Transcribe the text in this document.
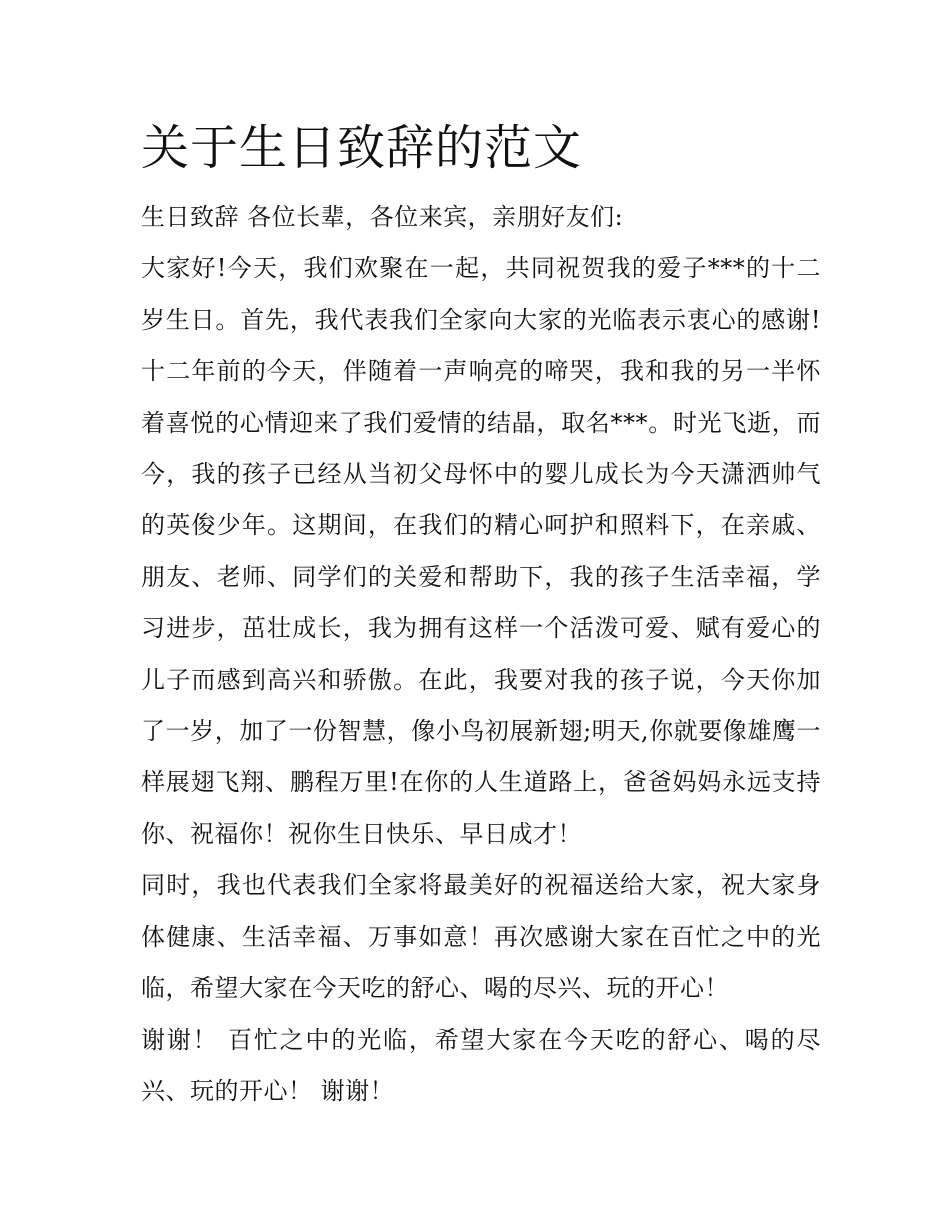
关于生日致辞的范文

生日致辞 各位长辈，各位来宾，亲朋好友们:

大家好!今天，我们欢聚在一起，共同祝贺我的爱子***的十二岁生日。首先，我代表我们全家向大家的光临表示衷心的感谢!十二年前的今天，伴随着一声响亮的啼哭，我和我的另一半怀着喜悦的心情迎来了我们爱情的结晶，取名***。时光飞逝，而今，我的孩子已经从当初父母怀中的婴儿成长为今天潇洒帅气的英俊少年。这期间，在我们的精心呵护和照料下，在亲戚、朋友、老师、同学们的关爱和帮助下，我的孩子生活幸福，学习进步，茁壮成长，我为拥有这样一个活泼可爱、赋有爱心的儿子而感到高兴和骄傲。在此，我要对我的孩子说，今天你加了一岁，加了一份智慧，像小鸟初展新翅;明天,你就要像雄鹰一样展翅飞翔、鹏程万里!在你的人生道路上，爸爸妈妈永远支持你、祝福你！祝你生日快乐、早日成才！

同时，我也代表我们全家将最美好的祝福送给大家，祝大家身体健康、生活幸福、万事如意！再次感谢大家在百忙之中的光临，希望大家在今天吃的舒心、喝的尽兴、玩的开心！

谢谢！ 百忙之中的光临，希望大家在今天吃的舒心、喝的尽兴、玩的开心！ 谢谢！
